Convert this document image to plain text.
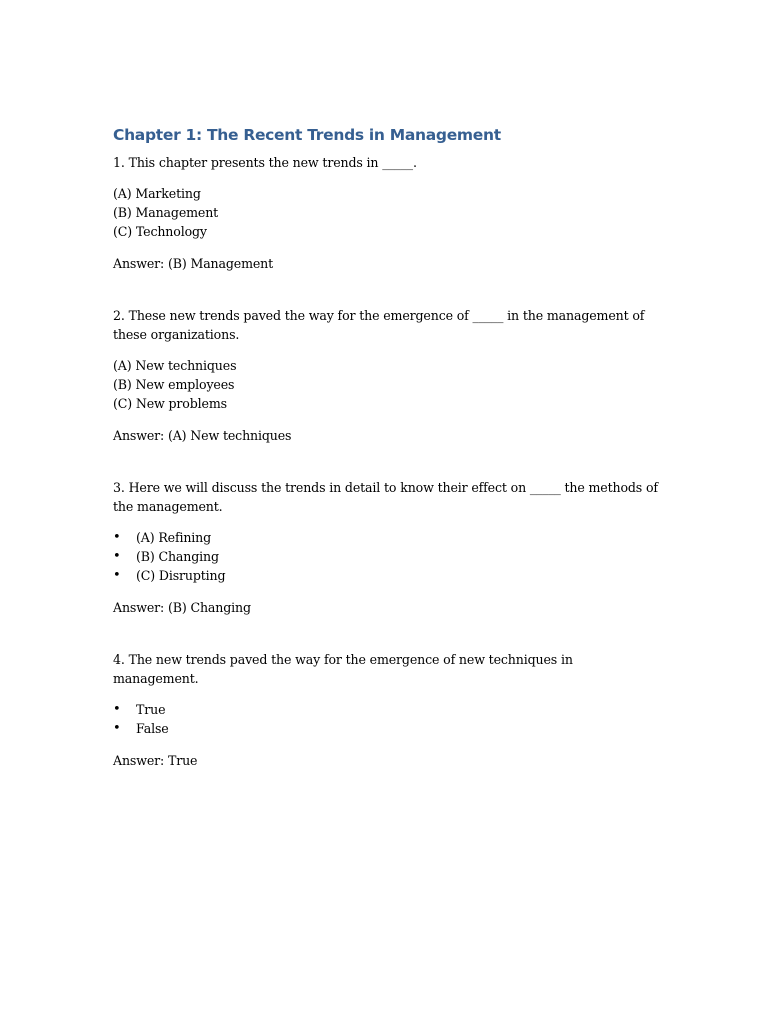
Chapter 1: The Recent Trends in Management

1. This chapter presents the new trends in _____.

(A) Marketing
(B) Management
(C) Technology

Answer: (B) Management

2. These new trends paved the way for the emergence of _____ in the management of these organizations.

(A) New techniques
(B) New employees
(C) New problems

Answer: (A) New techniques

3. Here we will discuss the trends in detail to know their effect on _____ the methods of the management.

• (A) Refining
• (B) Changing
• (C) Disrupting

Answer: (B) Changing

4. The new trends paved the way for the emergence of new techniques in management.

• True
• False

Answer: True
